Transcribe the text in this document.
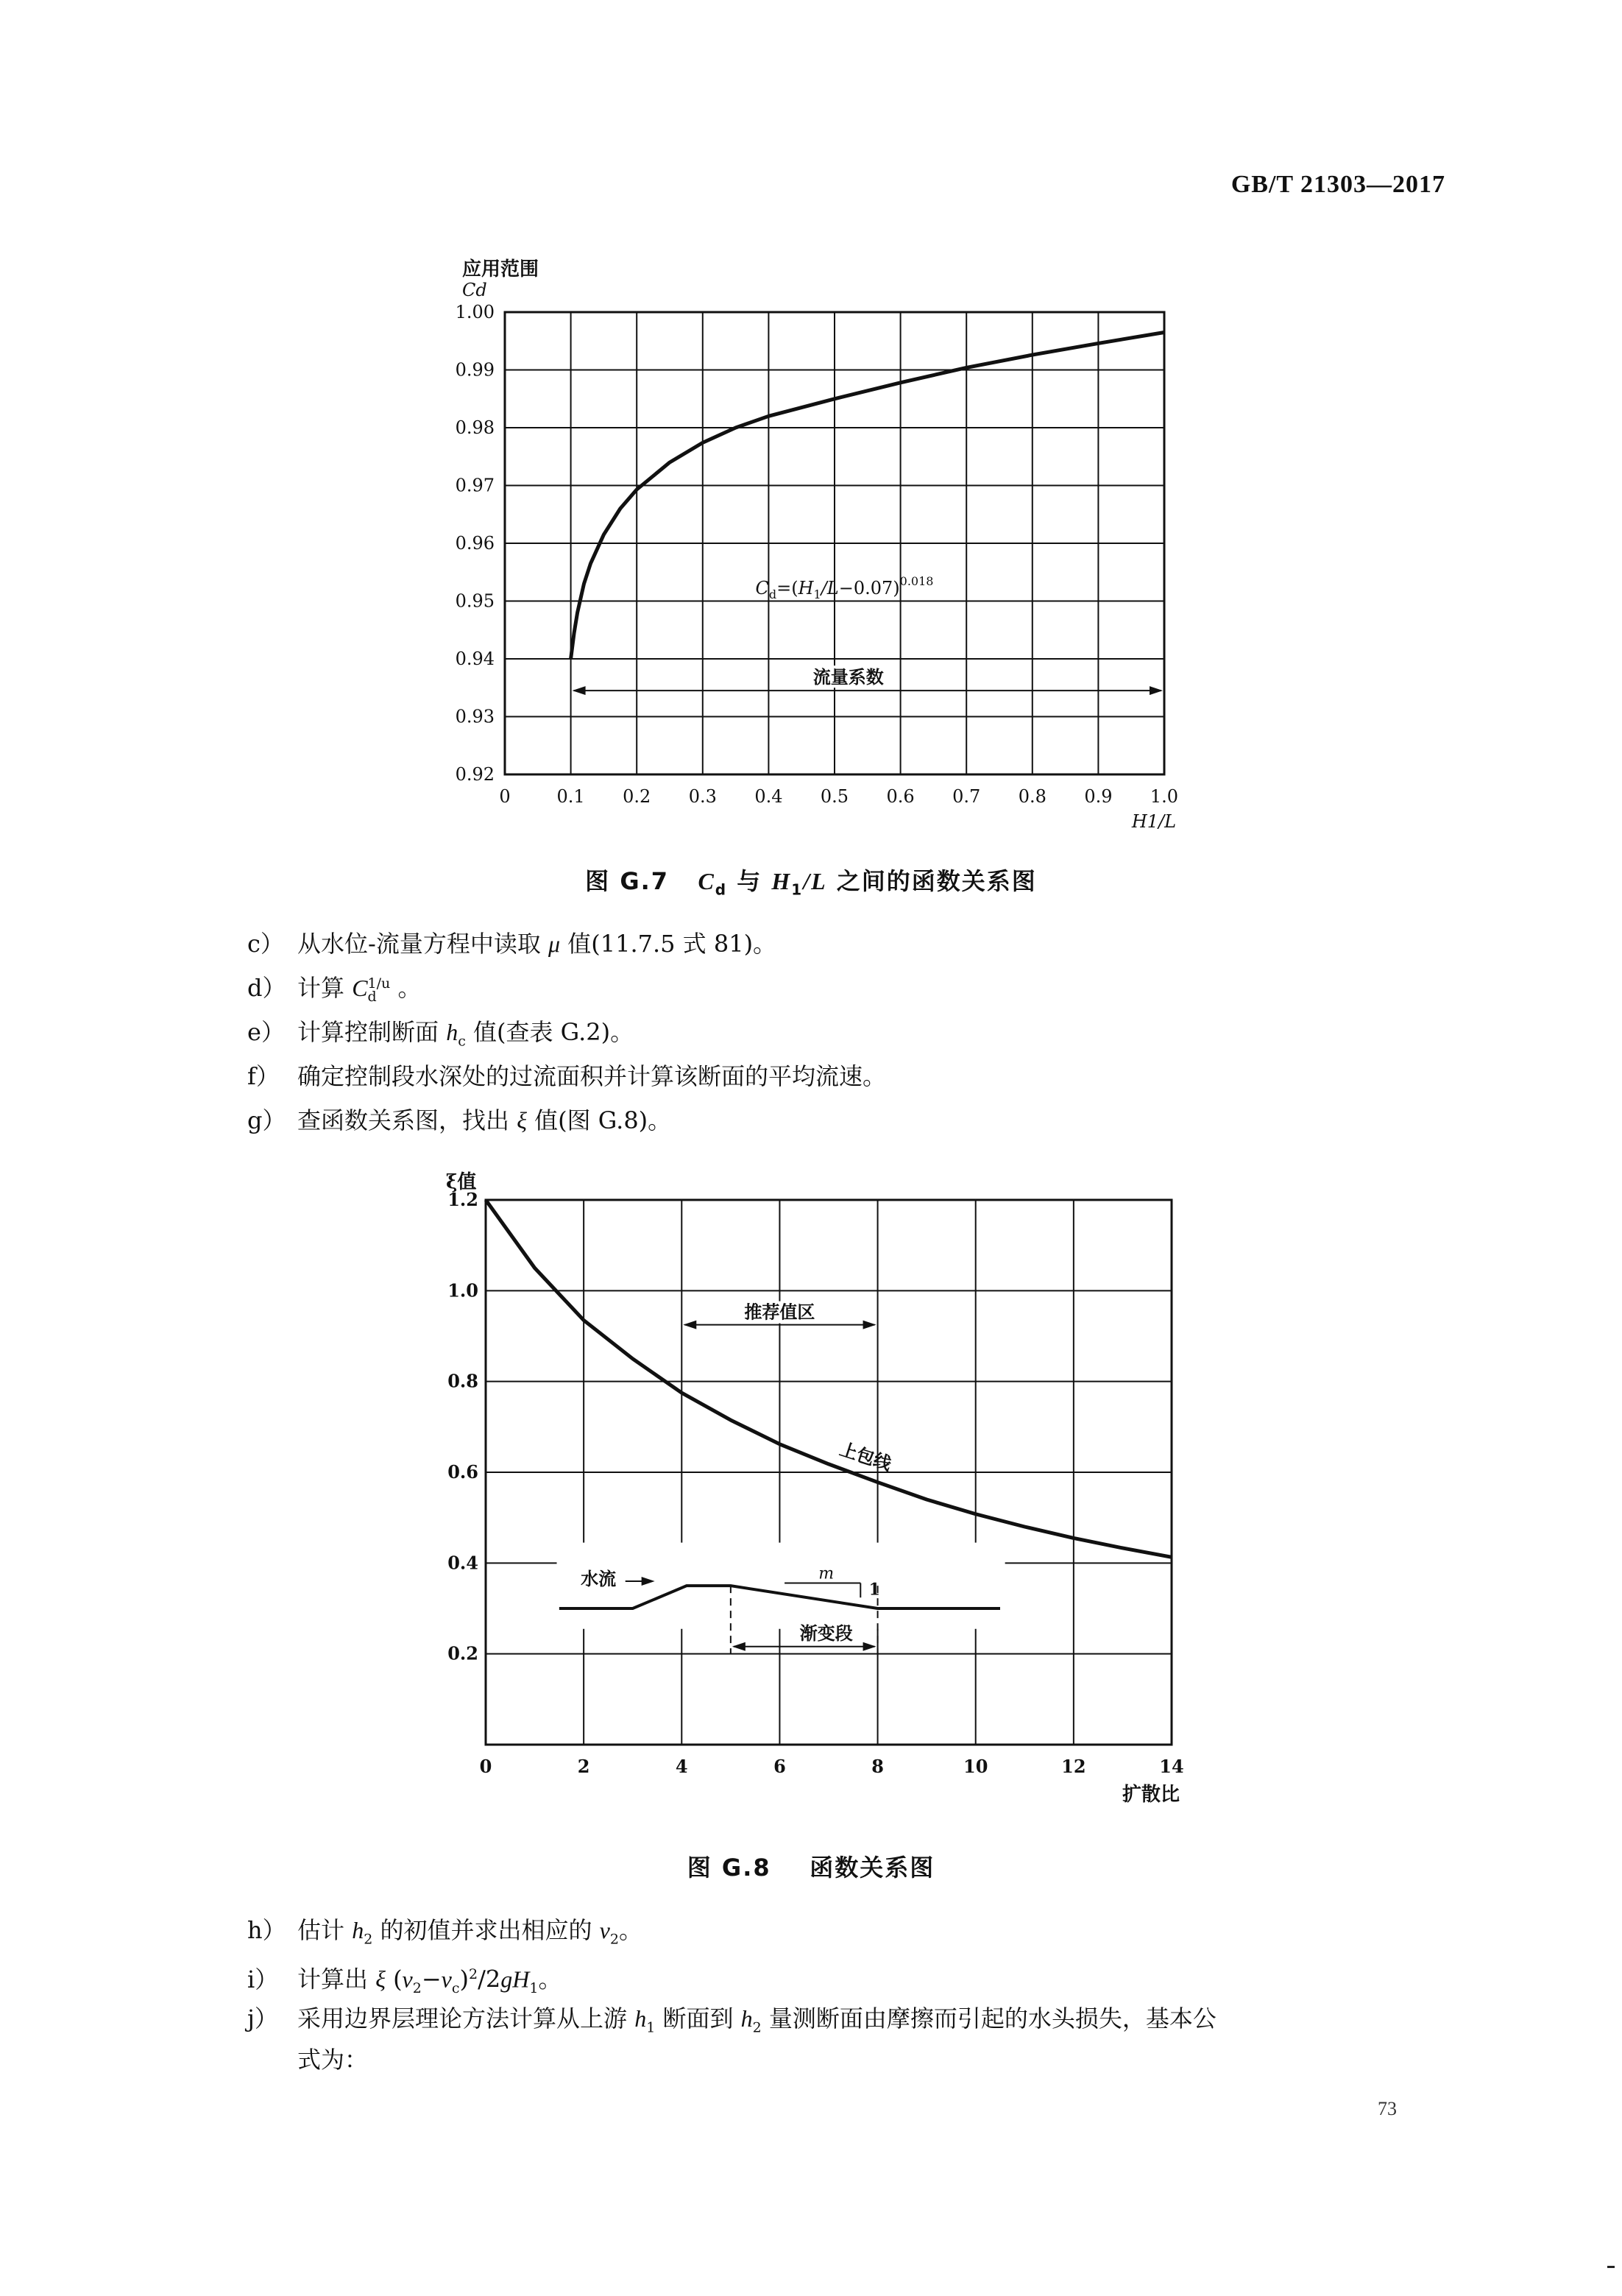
GB/T 21303—2017
0	0.1 0.2 0.3 0.4 0.5 0.6 0.7 0.8 0.9 1.0
0.92
0.93
0.94
0.95
0.96
0.97
0.98
0.99
1.00
应用范围
Cd
H1/L
$C_d=(H_1/L-0.07)^{0.018}$
流量系数
图 G.7 $C_d$ 与 $H_1/L$ 之间的函数关系图
c） 从水位-流量方程中读取 μ 值(11.7.5 式 81)。
d） 计算 C 1/u
d 。
e） 计算控制断面 $h_c$ 值(查表 G.2)。
f） 确定控制段水深处的过流面积并计算该断面的平均流速。
g） 查函数关系图，找出 ξ 值(图 G.8)。
0	2	4	6	8	10	12	14
0.2
0.4
0.6
0.8
1.0
1.2
ξ值
扩散比
上包线
推荐值区
水流	m
1
渐变段
图 G.8 函数关系图
h） 估计 $h_2$ 的初值并求出相应的 $v_2$。
i） 计算出 ξ $(v_2-v_c)^2/2gH_1$。
j） 采用边界层理论方法计算从上游 $h_1$ 断面到 $h_2$ 量测断面由摩擦而引起的水头损失，基本公
式为：
73
